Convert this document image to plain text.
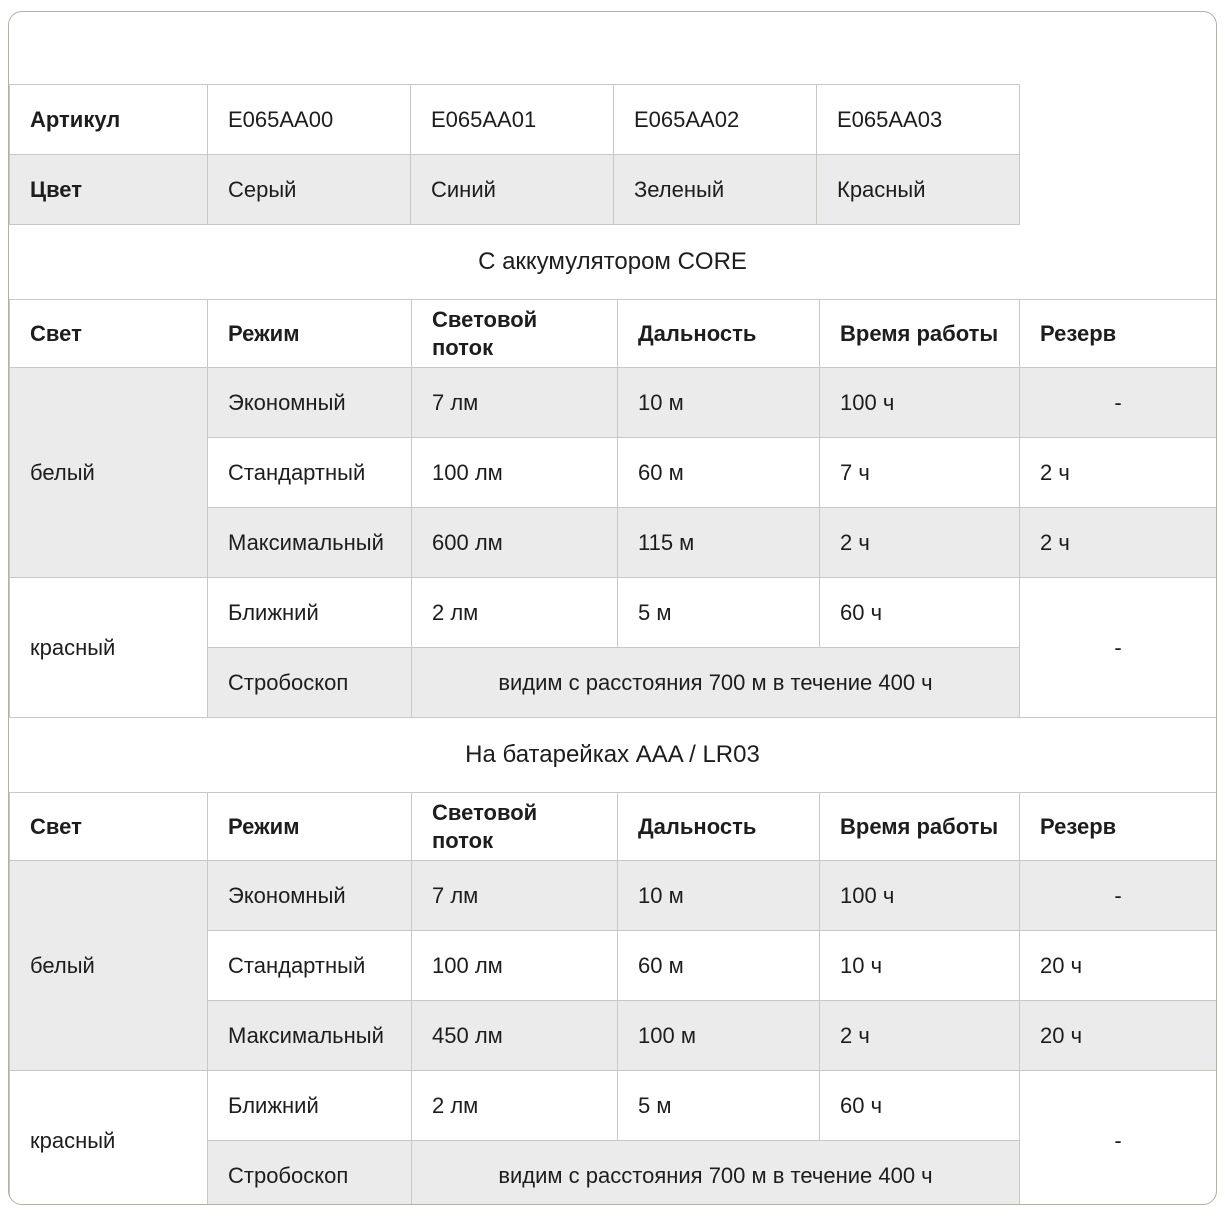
Артикул	E065AA00	E065AA01	E065AA02	E065AA03
Цвет	Серый	Синий	Зеленый	Красный
С аккумулятором CORE
Свет	Режим	Световой поток	Дальность	Время работы	Резерв
белый	Экономный	7 лм	10 м	100 ч	-
	Стандартный	100 лм	60 м	7 ч	2 ч
	Максимальный	600 лм	115 м	2 ч	2 ч
красный	Ближний	2 лм	5 м	60 ч	-
	Стробоскоп	видим с расстояния 700 м в течение 400 ч			
На батарейках AAA / LR03
Свет	Режим	Световой поток	Дальность	Время работы	Резерв
белый	Экономный	7 лм	10 м	100 ч	-
	Стандартный	100 лм	60 м	10 ч	20 ч
	Максимальный	450 лм	100 м	2 ч	20 ч
красный	Ближний	2 лм	5 м	60 ч	-
	Стробоскоп	видим с расстояния 700 м в течение 400 ч			
